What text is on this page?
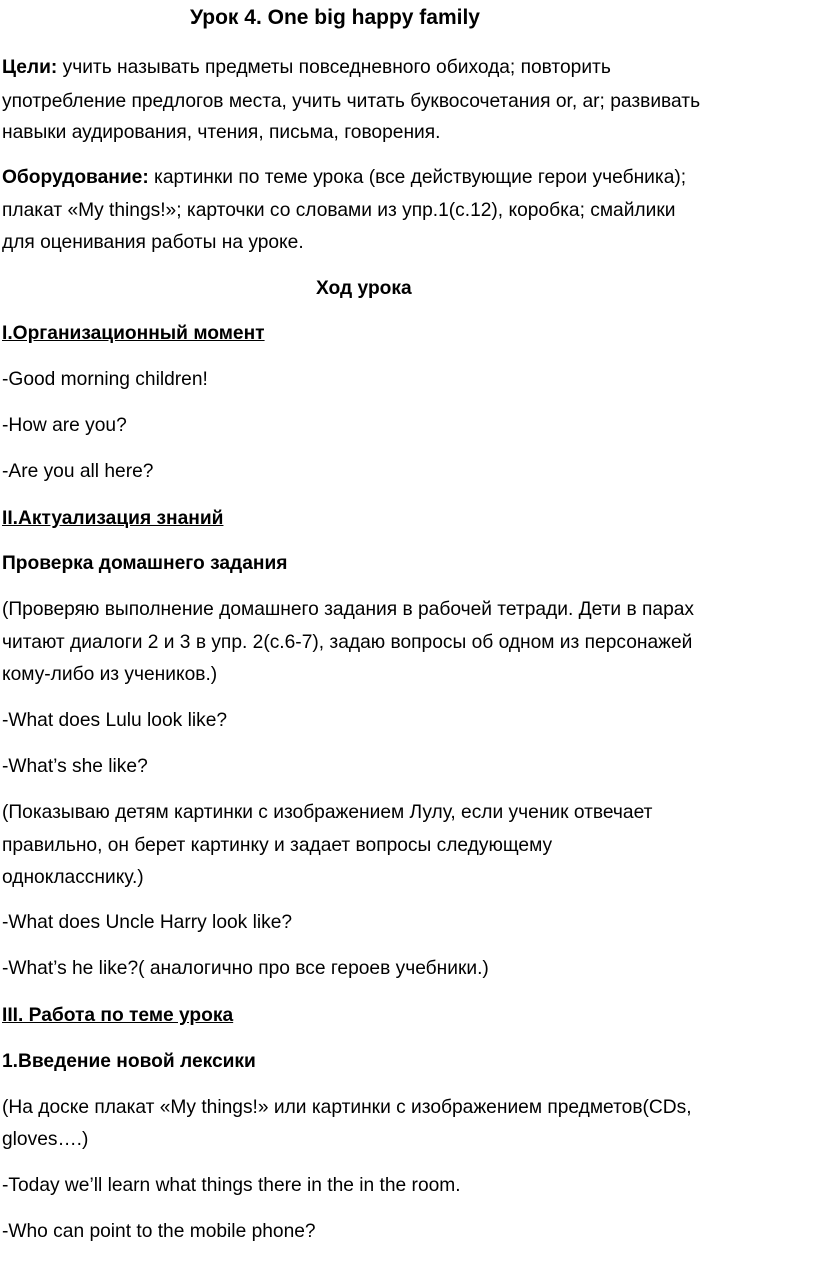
Урок 4. One big happy family
Цели: учить называть предметы повседневного обихода; повторить
употребление предлогов места, учить читать буквосочетания or, ar; развивать
навыки аудирования, чтения, письма, говорения.
Оборудование: картинки по теме урока (все действующие герои учебника);
плакат «My things!»; карточки со словами из упр.1(с.12), коробка; смайлики
для оценивания работы на уроке.
Ход урока
I.Организационный момент
-Good morning children!
-How are you?
-Are you all here?
II.Актуализация знаний
Проверка домашнего задания
(Проверяю выполнение домашнего задания в рабочей тетради. Дети в парах
читают диалоги 2 и 3 в упр. 2(с.6-7), задаю вопросы об одном из персонажей
кому-либо из учеников.)
-What does Lulu look like?
-What’s she like?
(Показываю детям картинки с изображением Лулу, если ученик отвечает
правильно, он берет картинку и задает вопросы следующему
однокласснику.)
-What does Uncle Harry look like?
-What’s he like?( аналогично про все героев учебники.)
III. Работа по теме урока
1.Введение новой лексики
(На доске плакат «My things!» или картинки с изображением предметов(CDs,
gloves….)
-Today we’ll learn what things there in the in the room.
-Who can point to the mobile phone?
